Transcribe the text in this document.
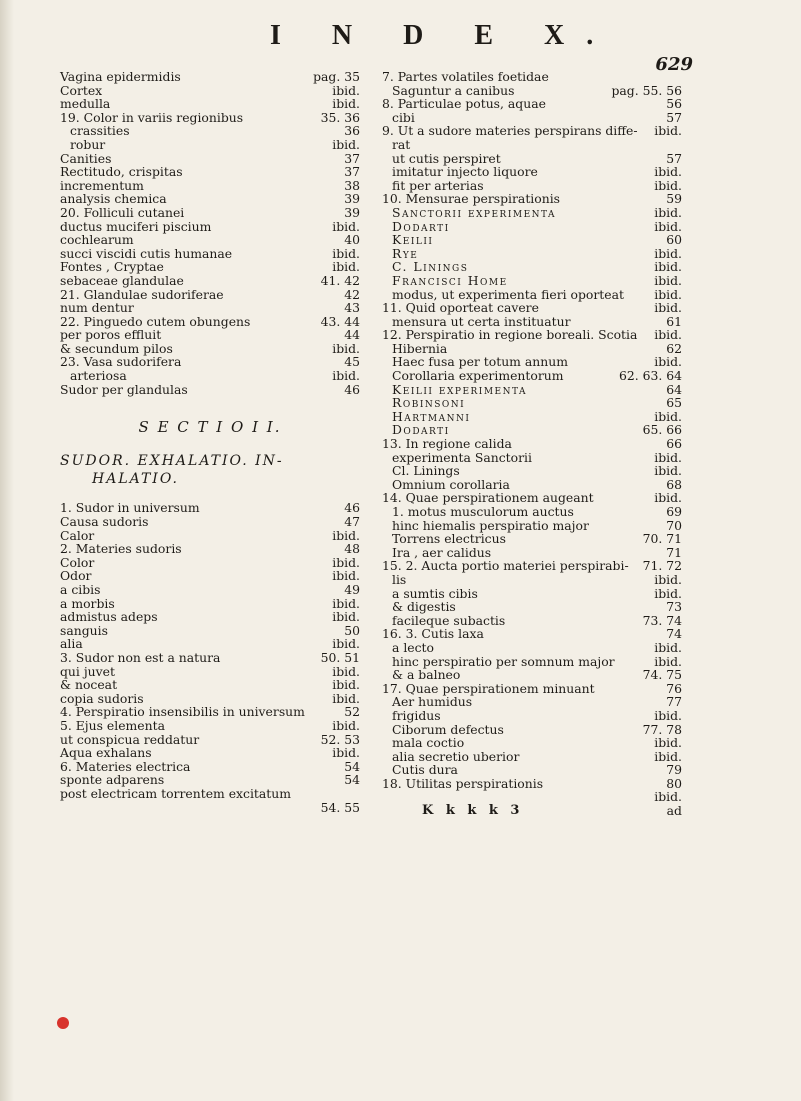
I N D E X.
629
Vagina epidermidis	pag. 35
Cortex	ibid.
medulla	ibid.
19. Color in variis regionibus	35. 36
crassities	36
robur	ibid.
Canities	37
Rectitudo, crispitas	37
incrementum	38
analysis chemica	39
20. Folliculi cutanei	39
ductus muciferi piscium	ibid.
cochlearum	40
succi viscidi cutis humanae	ibid.
Fontes , Cryptae	ibid.
sebaceae glandulae	41. 42
21. Glandulae sudoriferae	42
num dentur	43
22. Pinguedo cutem obungens	43. 44
per poros effluit	44
& secundum pilos	ibid.
23. Vasa sudorifera	45
arteriosa	ibid.
Sudor per glandulas	46
S E C T I O I I.
SUDOR. EXHALATIO. IN-
HALATIO.
1. Sudor in universum	46
Causa sudoris	47
Calor	ibid.
2. Materies sudoris	48
Color	ibid.
Odor	ibid.
a cibis	49
a morbis	ibid.
admistus adeps	ibid.
sanguis	50
alia	ibid.
3. Sudor non est a natura	50. 51
qui juvet	ibid.
& noceat	ibid.
copia sudoris	ibid.
4. Perspiratio insensibilis in universum	52
5. Ejus elementa	ibid.
ut conspicua reddatur	52. 53
Aqua exhalans	ibid.
6. Materies electrica	54
sponte adparens	54
post electricam torrentem excitatum
54. 55
7. Partes volatiles foetidae
Saguntur a canibus	pag. 55. 56
8. Particulae potus, aquae	56
cibi	57
9. Ut a sudore materies perspirans diffe- ibid.
rat
ut cutis perspiret	57
imitatur injecto liquore	ibid.
fit per arterias	ibid.
10. Mensurae perspirationis	59
Sanctorii experimenta	ibid.
Dodarti	ibid.
Keilii	60
Rye	ibid.
C. Linings	ibid.
Francisci Home	ibid.
modus, ut experimenta fieri oporteat ibid.
11. Quid oporteat cavere	ibid.
mensura ut certa instituatur	61
12. Perspiratio in regione boreali. Scotia ibid.
Hibernia	62
Haec fusa per totum annum	ibid.
Corollaria experimentorum	62. 63. 64
Keilii experimenta	64
Robinsoni	65
Hartmanni	ibid.
Dodarti	65. 66
13. In regione calida	66
experimenta Sanctorii	ibid.
Cl. Linings	ibid.
Omnium corollaria	68
14. Quae perspirationem augeant	ibid.
1. motus musculorum auctus	69
hinc hiemalis perspiratio major	70
Torrens electricus	70. 71
Ira , aer calidus	71
15. 2. Aucta portio materiei perspirabi- 71. 72
lis	ibid.
a sumtis cibis	ibid.
& digestis	73
facileque subactis	73. 74
16. 3. Cutis laxa	74
a lecto	ibid.
hinc perspiratio per somnum major	ibid.
& a balneo	74. 75
17. Quae perspirationem minuant	76
Aer humidus	77
frigidus	ibid.
Ciborum defectus	77. 78
mala coctio	ibid.
alia secretio uberior	ibid.
Cutis dura	79
18. Utilitas perspirationis	80
ibid.
K k k k 3	ad
